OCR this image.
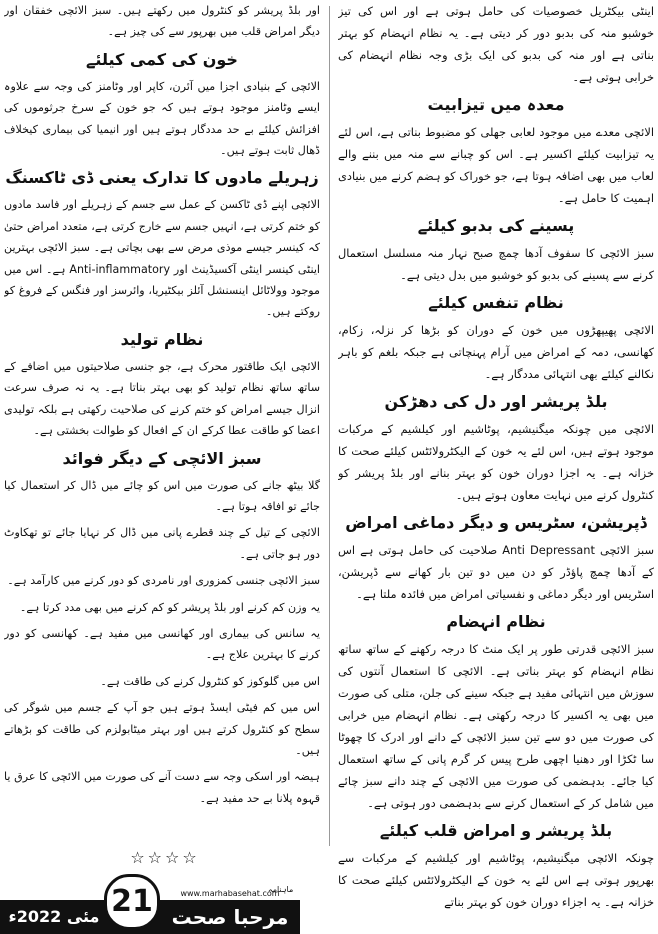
اینٹی بیکٹریل خصوصیات کی حامل ہوتی ہے اور اس کی تیز خوشبو منہ کی بدبو دور کر دیتی ہے۔ یہ نظام انہضام کو بہتر بناتی ہے اور منہ کی بدبو کی ایک بڑی وجہ نظام انہضام کی خرابی ہوتی ہے۔

معدہ میں تیزابیت

الائچی معدے میں موجود لعابی جھلی کو مضبوط بناتی ہے، اس لئے یہ تیزابیت کیلئے اکسیر ہے۔ اس کو چبانے سے منہ میں بننے والے لعاب میں بھی اضافہ ہوتا ہے، جو خوراک کو ہضم کرنے میں بنیادی اہمیت کا حامل ہے۔

پسینے کی بدبو کیلئے

سبز الائچی کا سفوف آدھا چمچ صبح نہار منہ مسلسل استعمال کرنے سے پسینے کی بدبو کو خوشبو میں بدل دیتی ہے۔

نظام تنفس کیلئے

الائچی پھیپھڑوں میں خون کے دوران کو بڑھا کر نزلہ، زکام، کھانسی، دمہ کے امراض میں آرام پہنچاتی ہے جبکہ بلغم کو باہر نکالنے کیلئے بھی انتہائی مددگار ہے۔

بلڈ پریشر اور دل کی دھڑکن

الائچی میں چونکہ میگنیشیم، پوٹاشیم اور کیلشیم کے مرکبات موجود ہوتے ہیں، اس لئے یہ خون کے الیکٹرولائٹس کیلئے صحت کا خزانہ ہے۔ یہ اجزا دوران خون کو بہتر بنانے اور بلڈ پریشر کو کنٹرول کرنے میں نہایت معاون ہوتے ہیں۔

ڈپریشن، سٹریس و دیگر دماغی امراض

سبز الائچی Anti Depressant صلاحیت کی حامل ہوتی ہے اس کے آدھا چمچ پاؤڈر کو دن میں دو تین بار کھانے سے ڈپریشن، اسٹریس اور دیگر دماغی و نفسیاتی امراض میں فائدہ ملتا ہے۔

نظام انہضام

سبز الائچی قدرتی طور پر ایک منٹ کا درجہ رکھنے کے ساتھ ساتھ نظام انہضام کو بہتر بناتی ہے۔ الائچی کا استعمال آنتوں کی سوزش میں انتہائی مفید ہے جبکہ سینے کی جلن، متلی کی صورت میں بھی یہ اکسیر کا درجہ رکھتی ہے۔ نظام انہضام میں خرابی کی صورت میں دو سے تین سبز الائچی کے دانے اور ادرک کا چھوٹا سا ٹکڑا اور دھنیا اچھی طرح پیس کر گرم پانی کے ساتھ استعمال کیا جائے۔ بدہضمی کی صورت میں الائچی کے چند دانے سبز چائے میں شامل کر کے استعمال کرنے سے بدہضمی دور ہوتی ہے۔

بلڈ پریشر و امراض قلب کیلئے

چونکہ الائچی میگنیشیم، پوٹاشیم اور کیلشیم کے مرکبات سے بھرپور ہوتی ہے اس لئے یہ خون کے الیکٹرولائٹس کیلئے صحت کا خزانہ ہے۔ یہ اجزاء دوران خون کو بہتر بناتے

اور بلڈ پریشر کو کنٹرول میں رکھتے ہیں۔ سبز الائچی خفقان اور دیگر امراض قلب میں بھرپور سے کی چیز ہے۔

خون کی کمی کیلئے

الائچی کے بنیادی اجزا میں آئرن، کاپر اور وٹامنز کی وجہ سے علاوہ ایسے وٹامنز موجود ہوتے ہیں کہ جو خون کے سرخ جرثوموں کی افزائش کیلئے بے حد مددگار ہوتے ہیں اور انیمیا کی بیماری کیخلاف ڈھال ثابت ہوتے ہیں۔

زہریلے مادوں کا تدارک یعنی ڈی ٹاکسنگ

الائچی اپنے ڈی ٹاکسن کے عمل سے جسم کے زہریلے اور فاسد مادوں کو ختم کرتی ہے، انہیں جسم سے خارج کرتی ہے، متعدد امراض حتیٰ کہ کینسر جیسے موذی مرض سے بھی بچاتی ہے۔ سبز الائچی بہترین اینٹی کینسر اینٹی آکسیڈینٹ اور Anti-inflammatory ہے۔ اس میں موجود وولاٹائل اینسنشل آئلز بیکٹیریا، وائرسز اور فنگس کے فروغ کو روکتے ہیں۔

نظام تولید

الائچی ایک طاقتور محرک ہے، جو جنسی صلاحیتوں میں اضافے کے ساتھ ساتھ نظام تولید کو بھی بہتر بناتا ہے۔ یہ نہ صرف سرعت انزال جیسے امراض کو ختم کرنے کی صلاحیت رکھتی ہے بلکہ تولیدی اعضا کو طاقت عطا کرکے ان کے افعال کو طوالت بخشتی ہے۔

سبز الائچی کے دیگر فوائد

گلا بیٹھ جانے کی صورت میں اس کو چائے میں ڈال کر استعمال کیا جائے تو افاقہ ہوتا ہے۔

الائچی کے تیل کے چند قطرے پانی میں ڈال کر نہایا جائے تو تھکاوٹ دور ہو جاتی ہے۔

سبز الائچی جنسی کمزوری اور نامردی کو دور کرنے میں کارآمد ہے۔

یہ وزن کم کرنے اور بلڈ پریشر کو کم کرنے میں بھی مدد کرتا ہے۔

یہ سانس کی بیماری اور کھانسی میں مفید ہے۔ کھانسی کو دور کرنے کا بہترین علاج ہے۔

اس میں گلوکوز کو کنٹرول کرنے کی طاقت ہے۔

اس میں کم فیٹی ایسڈ ہوتے ہیں جو آپ کے جسم میں شوگر کی سطح کو کنٹرول کرتے ہیں اور بہتر میٹابولزم کی طاقت کو بڑھاتے ہیں۔

ہیضہ اور اسکی وجہ سے دست آنے کی صورت میں الائچی کا عرق یا قہوہ پلانا بے حد مفید ہے۔

☆☆☆☆
ماہنامہ
www.marhabasehat.com
مرحبا صحت
21
مئی 2022ء
